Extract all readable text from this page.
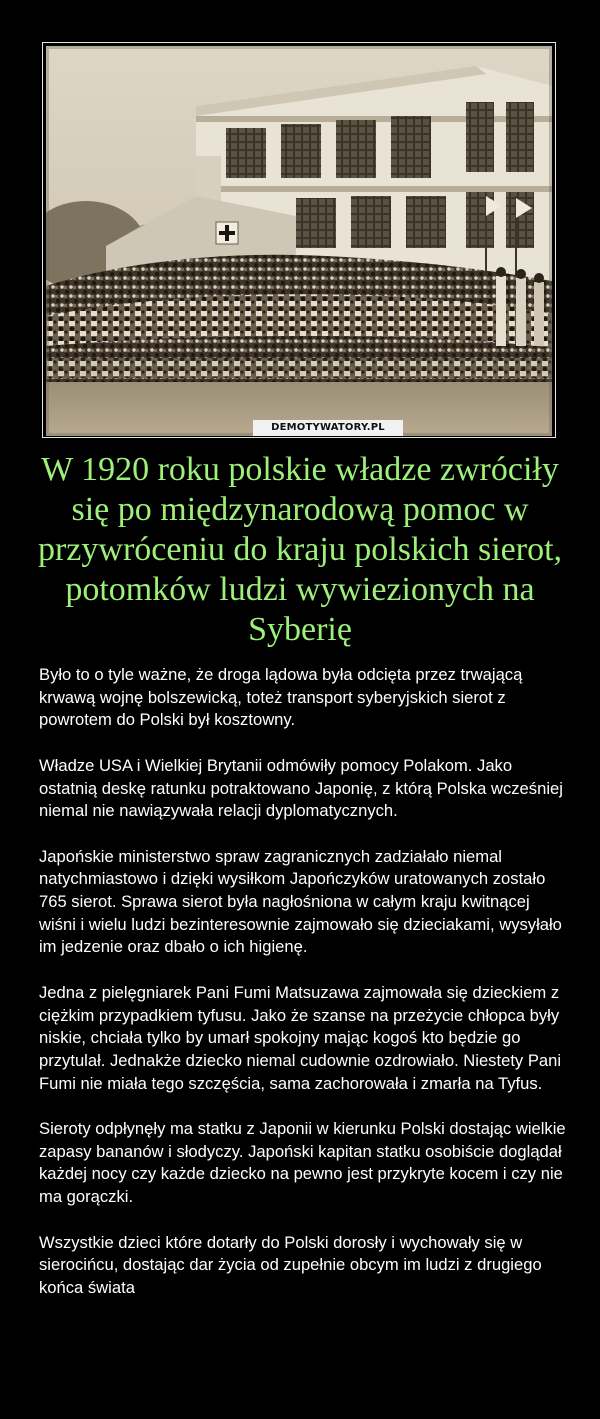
DEMOTYWATORY.PL
W 1920 roku polskie władze zwróciły się po międzynarodową pomoc w przywróceniu do kraju polskich sierot, potomków ludzi wywiezionych na Syberię

Było to o tyle ważne, że droga lądowa była odcięta przez trwającą krwawą wojnę bolszewicką, toteż transport syberyjskich sierot z powrotem do Polski był kosztowny.

Władze USA i Wielkiej Brytanii odmówiły pomocy Polakom. Jako ostatnią deskę ratunku potraktowano Japonię, z którą Polska wcześniej niemal nie nawiązywała relacji dyplomatycznych.

Japońskie ministerstwo spraw zagranicznych zadziałało niemal natychmiastowo i dzięki wysiłkom Japończyków uratowanych zostało 765 sierot. Sprawa sierot była nagłośniona w całym kraju kwitnącej wiśni i wielu ludzi bezinteresownie zajmowało się dzieciakami, wysyłało im jedzenie oraz dbało o ich higienę.

Jedna z pielęgniarek Pani Fumi Matsuzawa zajmowała się dzieckiem z ciężkim przypadkiem tyfusu. Jako że szanse na przeżycie chłopca były niskie, chciała tylko by umarł spokojny mając kogoś kto będzie go przytulał. Jednakże dziecko niemal cudownie ozdrowiało. Niestety Pani Fumi nie miała tego szczęścia, sama zachorowała i zmarła na Tyfus.

Sieroty odpłynęły ma statku z Japonii w kierunku Polski dostając wielkie zapasy bananów i słodyczy. Japoński kapitan statku osobiście doglądał każdej nocy czy każde dziecko na pewno jest przykryte kocem i czy nie ma gorączki.

Wszystkie dzieci które dotarły do Polski dorosły i wychowały się w sierocińcu, dostając dar życia od zupełnie obcym im ludzi z drugiego końca świata
